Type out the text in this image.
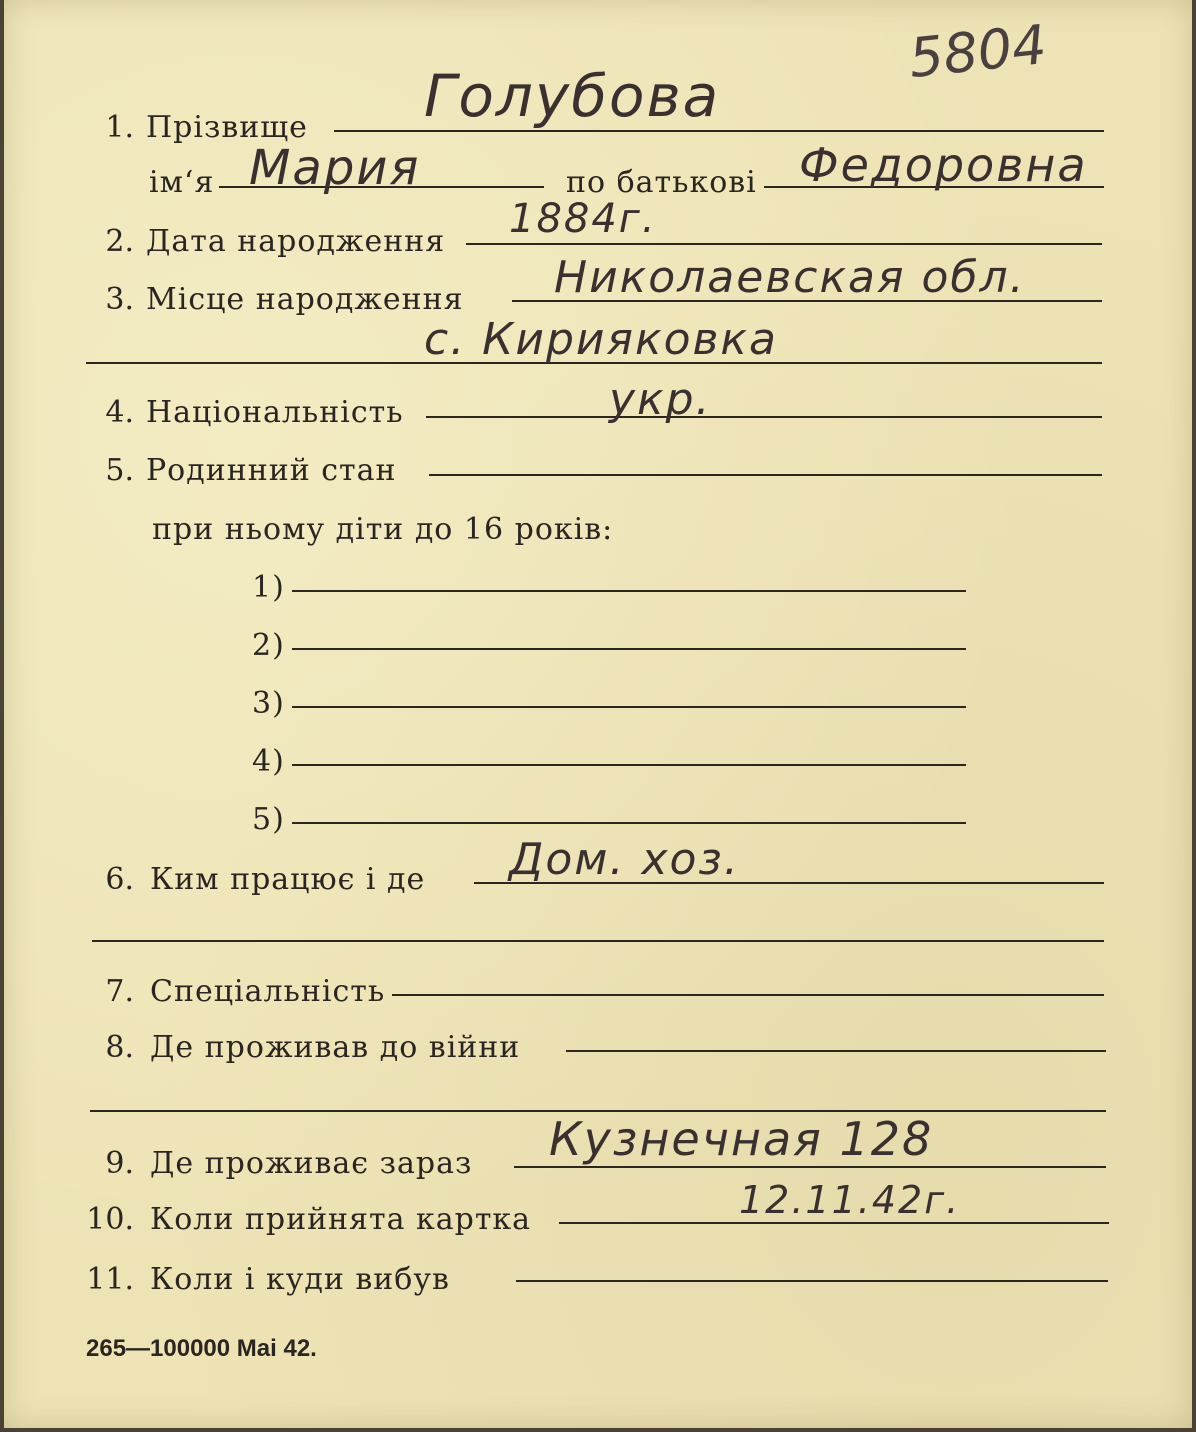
5804
1. Прізвище Голубова
ім‘я Мария	по батькові Федоровна
2. Дата народження 1884г.
3. Місце народження Николаевская обл.
с. Кирияковка
4. Національність	укр.
5. Родинний стан
при ньому діти до 16 років:
1)
2)
3)
4)
5)
6. Ким працює і де Дом. хоз.
7. Спеціальність
8. Де проживав до війни
9. Де проживає зараз Кузнечная 128
10. Коли прийнята картка	12.11.42г.
11. Коли і куди вибув
265—100000 Mai 42.
